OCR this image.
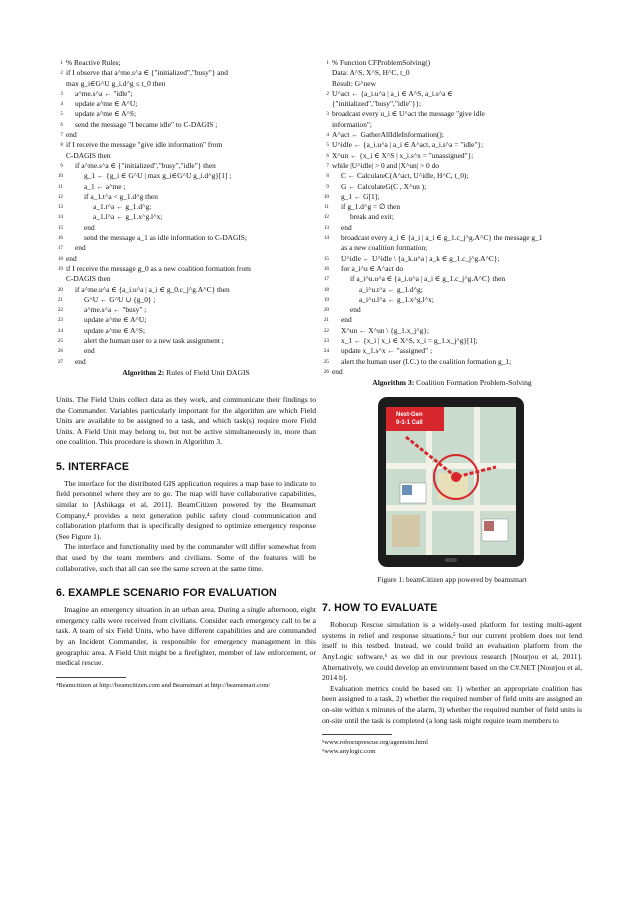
1 % Reactive Rules;
2 if I observe that a^me.s^a ∈ {"initialized","busy"} and
max g_i∈G^U g_i.d^g ≤ t_0 then
3 a^me.s^a ← "idle";
4 update a^me ∈ A^U;
5 update a^me ∈ A^S;
6 send the message "I became idle" to C-DAGIS ;
7 end
8 if I receive the message "give idle information" from
C-DAGIS then
9 if a^me.s^a ∈ {"initialized","busy","idle"} then
10	g_1 ← {g_i ∈ G^U | max g_i∈G^U g_i.d^g}[1] ;
11	a_1 ← a^me ;
12	if a_1.t^a < g_1.d^g then
13	a_1.t^a ← g_1.d^g;
14	a_1.l^a ← g_1.x^g.l^x;
15	end
16	send the message a_1 as idle information to C-DAGIS;
17 end
18 end
19 if I receive the message g_0 as a new coalition formation from
C-DAGIS then
20 if a^me.u^a ∈ {a_i.u^a | a_i ∈ g_0.c_j^g.A^C} then
21	G^U ← G^U ∪ {g_0} ;
22	a^me.s^a ← "busy" ;
23	update a^me ∈ A^U;
24	update a^me ∈ A^S;
25	alert the human user to a new task assignment ;
26	end
27 end
Algorithm 2: Rules of Field Unit DAGIS

Units. The Field Units collect data as they work, and communicate their findings to the Commander. Variables particularly important for the algorithm are which Field Units are available to be assigned to a task, and which task(s) require more Field Units. A Field Unit may belong to, but not be active simultaneously in, more than one coalition. This procedure is shown in Algorithm 3.

5. INTERFACE

The interface for the distributed GIS application requires a map base to indicate to field personnel where they are to go. The map will have collaborative capabilities, similar to [Ashikaga et al, 2011]. BeamCitizen powered by the Beamsmart Company,⁴ provides a next generation public safety cloud communication and collaboration platform that is specifically designed to optimize emergency response (See Figure 1).

The interface and functionality used by the commander will differ somewhat from that used by the team members and civilians. Some of the features will be collaborative, such that all can see the same screen at the same time.

6. EXAMPLE SCENARIO FOR EVALUATION

Imagine an emergency situation in an urban area. During a single afternoon, eight emergency calls were received from civilians. Consider each emergency call to be a task. A team of six Field Units, who have different capabilities and are commanded by an Incident Commander, is responsible for emergency management in this geographic area. A Field Unit might be a firefighter, member of law enforcement, or medical rescue.

⁴Beamcitizen at http://beamcitizen.com and Beamsmart at http://beamsmart.com/

1 % Function CFProblemSolving()
Data: A^S, X^S, H^C, t_0
Result: G^new
2 U^act ← {a_i.u^a | a_i ∈ A^S, a_i.s^a ∈
{"initialized","busy","idle"}};
3 broadcast every u_i ∈ U^act the message "give idle
information";
4 A^act ← GatherAllIdleInformation();
5 U^idle ← {a_i.u^a | a_i ∈ A^act, a_i.s^a = "idle"};
6 X^un ← {x_i ∈ X^S | x_i.s^x = "unassigned"};
7 while |U^idle| > 0 and |X^un| > 0 do
8 C ← CalculateC(A^act, U^idle, H^C, t_0);
9 G ← CalculateG(C , X^un );
10 g_1 ← G[1];
11 if g_1.d^g = ∅ then
12	break and exit;
13 end
14 broadcast every a_i ∈ {a_i | a_i ∈ g_1.c_j^g.A^C} the message g_1
as a new coalition formation;
15 U^idle ← U^idle \ {a_k.u^a | a_k ∈ g_1.c_j^g.A^C};
16 for a_i^u ∈ A^act do
17	if a_i^u.u^a ∈ {a_i.u^a | a_i ∈ g_1.c_j^g.A^C} then
18	a_i^u.t^a ← g_1.d^g;
19	a_i^u.l^a ← g_1.x^g.l^x;
20	end
21 end
22 X^un ← X^un \ {g_1.x_j^g};
23 x_1 ← {x_i | x_i ∈ X^S, x_i = g_1.x_j^g}[1];
24 update x_1.s^x ← "assigned" ;
25 alert the human user (I.C.) to the coalition formation g_1;
26 end
Algorithm 3: Coalition Formation Problem-Solving
Next-Gen
9-1-1 Call
Figure 1: beamCitizen app powered by beamsmart
7. HOW TO EVALUATE

Robocup Rescue simulation is a widely-used platform for testing multi-agent systems in relief and response situations,⁵ but our current problem does not lend itself to this testbed. Instead, we could build an evaluation platform from the AnyLogic software,⁶ as we did in our previous research [Nourjou et al, 2011]. Alternatively, we could develop an environment based on the C#.NET [Nourjou et al, 2014 b].

Evaluation metrics could be based on: 1) whether an appropriate coalition has been assigned to a task, 2) whether the required number of field units are assigned an on-site within x minutes of the alarm, 3) whether the required number of field units is on-site until the task is completed (a long task might require team members to

⁵www.robocuprescue.org/agentsim.html

⁶www.anylogic.com
